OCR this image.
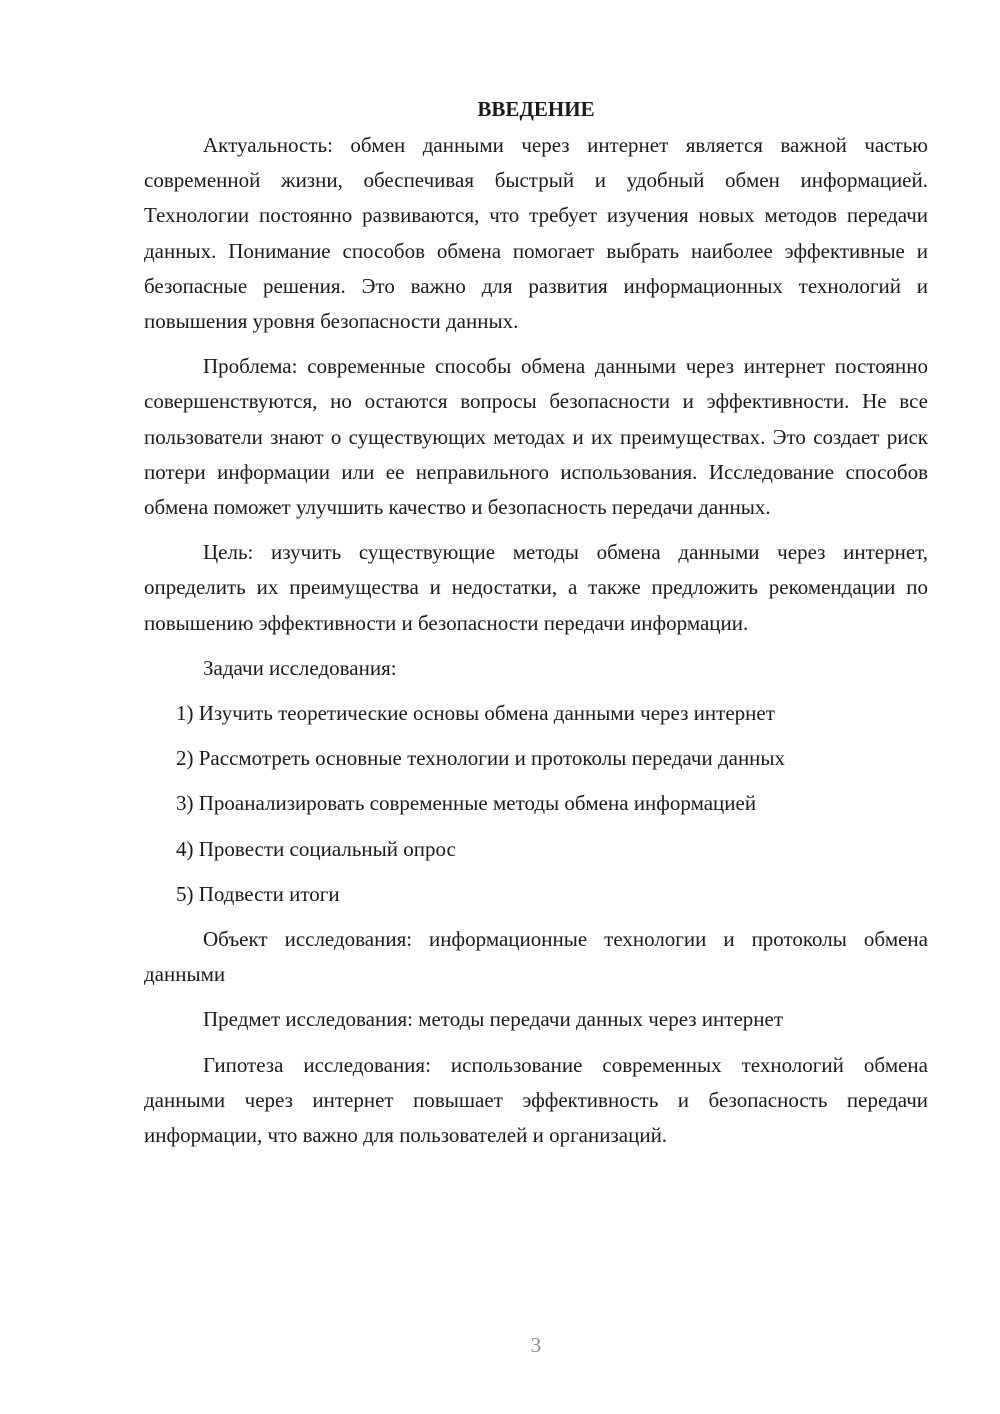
ВВЕДЕНИЕ

Актуальность: обмен данными через интернет является важной частью современной жизни, обеспечивая быстрый и удобный обмен информацией. Технологии постоянно развиваются, что требует изучения новых методов передачи данных. Понимание способов обмена помогает выбрать наиболее эффективные и безопасные решения. Это важно для развития информационных технологий и повышения уровня безопасности данных.

Проблема: современные способы обмена данными через интернет постоянно совершенствуются, но остаются вопросы безопасности и эффективности. Не все пользователи знают о существующих методах и их преимуществах. Это создает риск потери информации или ее неправильного использования. Исследование способов обмена поможет улучшить качество и безопасность передачи данных.

Цель: изучить существующие методы обмена данными через интернет, определить их преимущества и недостатки, а также предложить рекомендации по повышению эффективности и безопасности передачи информации.

Задачи исследования:

1) Изучить теоретические основы обмена данными через интернет
2) Рассмотреть основные технологии и протоколы передачи данных
3) Проанализировать современные методы обмена информацией
4) Провести социальный опрос
5) Подвести итоги

Объект исследования: информационные технологии и протоколы обмена данными

Предмет исследования: методы передачи данных через интернет

Гипотеза исследования: использование современных технологий обмена данными через интернет повышает эффективность и безопасность передачи информации, что важно для пользователей и организаций.

3
